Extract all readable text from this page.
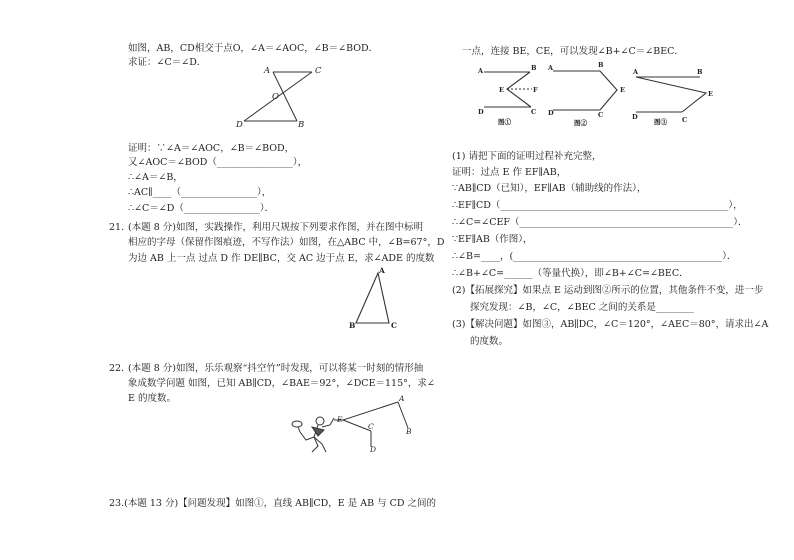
如图，AB，CD相交于点O，∠A＝∠AOC，∠B＝∠BOD．
求证：∠C＝∠D．
A	C
O
D	B
证明：∵∠A＝∠AOC，∠B＝∠BOD，
又∠AOC＝∠BOD（________________），
∴∠A＝∠B，
∴AC∥____（________________），
∴∠C＝∠D（________________）．
21. (本题 8 分)如图，实践操作，利用尺规按下列要求作图，并在图中标明
相应的字母（保留作图痕迹，不写作法）如图，在△ABC 中，∠B=67°，D
为边 AB 上一点 过点 D 作 DE∥BC，交 AC 边于点 E，求∠ADE 的度数
A
B	C
22. (本题 8 分)如图，乐乐观察“抖空竹”时发现，可以将某一时刻的情形抽
象成数学问题 如图，已知 AB∥CD，∠BAE＝92°，∠DCE＝115°，求∠
E 的度数。	A
B
E
C
D
23.(本题 13 分)【问题发现】如图①，直线 AB∥CD，E 是 AB 与 CD 之间的
一点，连接 BE，CE，可以发现∠B+∠C＝∠BEC．
A	B
E	F
D	C
图①
A	B
E
D	C
图②
A	B
E
D	C
图③
(1) 请把下面的证明过程补充完整，
证明：过点 E 作 EF∥AB，
∵AB∥CD（已知），EF∥AB（辅助线的作法），
∴EF∥CD（________________________________________________），
∴∠C=∠CEF（_____________________________________________）．
∵EF∥AB（作图），
∴∠B=____，(____________________________________________）．
∴∠B+∠C=______（等量代换），即∠B+∠C=∠BEC．
(2)【拓展探究】如果点 E 运动到图②所示的位置，其他条件不变，进一步
探究发现：∠B，∠C，∠BEC 之间的关系是________
(3)【解决问题】如图③，AB∥DC，∠C＝120°，∠AEC＝80°，请求出∠A
的度数。
